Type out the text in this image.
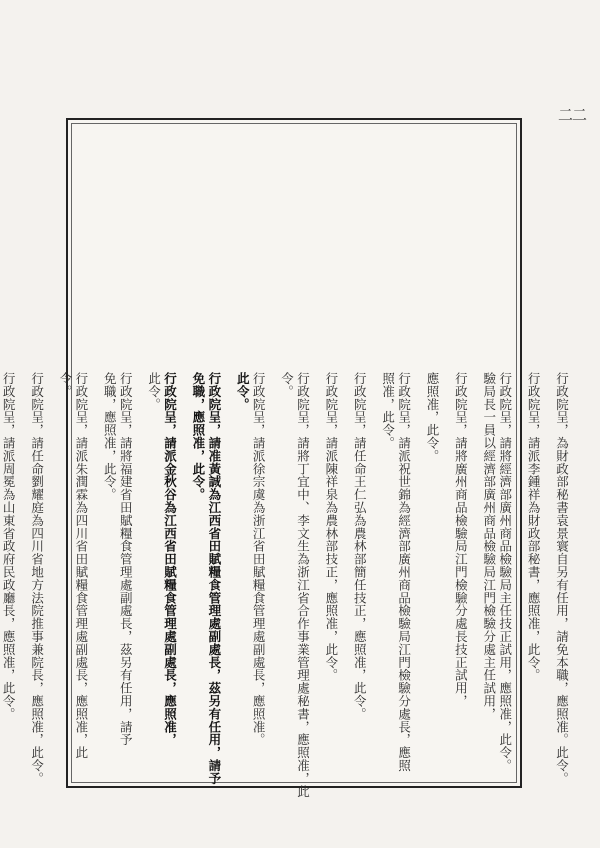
二二
行政院呈，為財政部秘書袁景寰自另有任用，請免本職，應照准。此令。
行政院呈，請派李鍾祥為財政部秘書，應照准，此令。
行政院呈，請將經濟部廣州商品檢驗局主任技正試用，應照准，此令。
驗局長一員以經濟部廣州商品檢驗局江門檢驗分處主任試用，
行政院呈，請將廣州商品檢驗局江門檢驗分處長技正試用，
應照准，此令。
行政院呈，請派祝世錦為經濟部廣州商品檢驗局江門檢驗分處長，應照
照准，此令。
行政院呈，請任命王仁弘為農林部簡任技正，應照准，此令。
行政院呈，請派陳祥泉為農林部技正，應照准，此令。
行政院呈，請將丁宜中、李文生為浙江省合作事業管理處秘書，應照准，此
令。
行政院呈，請派徐宗虞為浙江省田賦糧食管理處副處長，應照准。
此令。
行政院呈，請准黃誠為江西省田賦糧食管理處副處長，茲另有任用，請予
免職，應照准，此令。
行政院呈，請派金秋谷為江西省田賦糧食管理處副處長，應照准，
此令。
行政院呈，請將福建省田賦糧食管理處副處長，茲另有任用，請予
免職，應照准，此令。
行政院呈，請派朱潤霖為四川省田賦糧食管理處副處長，應照准，此
令。
行政院呈，請任命劉耀庭為四川省地方法院推事兼院長，應照准，此令。
行政院呈，請派周冕為山東省政府民政廳長，應照准，此令。
